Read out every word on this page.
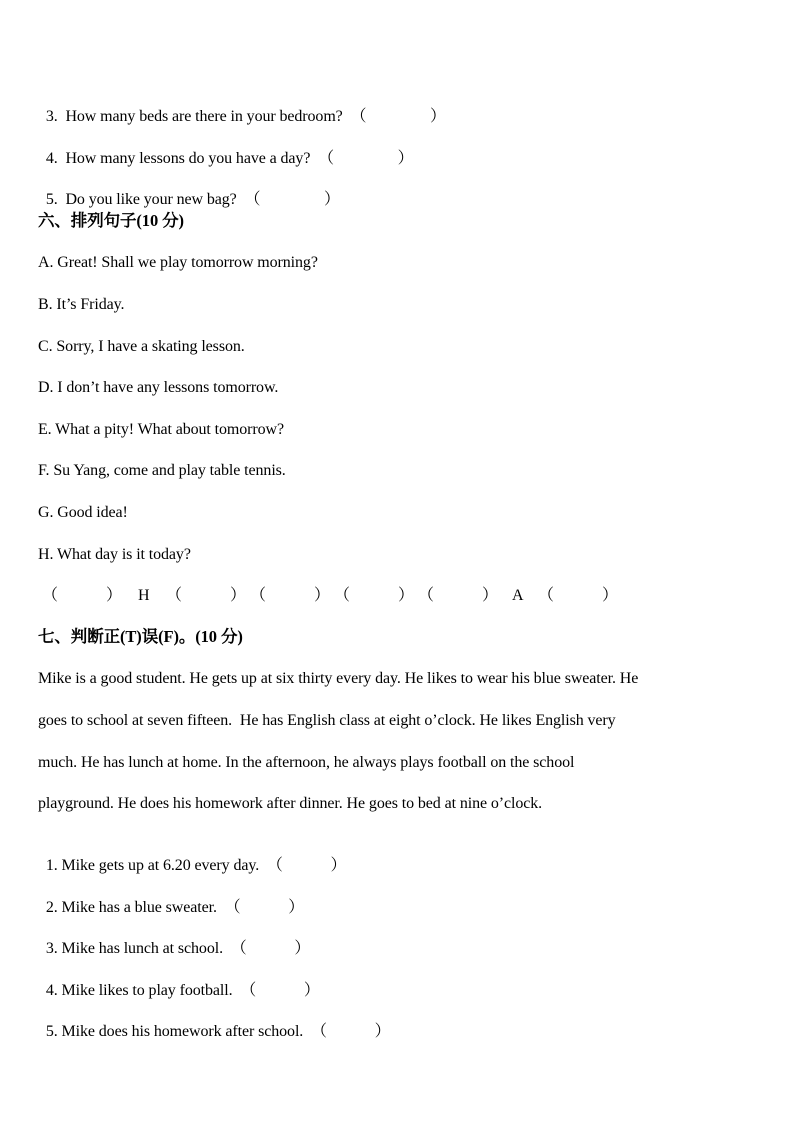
3. How many beds are there in your bedroom? （　　　　）

4. How many lessons do you have a day? （　　　　）

5. Do you like your new bag? （　　　　）

六、排列句子(10 分)
A. Great! Shall we play tomorrow morning?
B. It’s Friday.
C. Sorry, I have a skating lesson.
D. I don’t have any lessons tomorrow.
E. What a pity! What about tomorrow?
F. Su Yang, come and play table tennis.
G. Good idea!
H. What day is it today?
（　　　） H （　　　） （　　　） （　　　） （　　　） A （　　　）
七、判断正(T)误(F)。(10 分)
Mike is a good student. He gets up at six thirty every day. He likes to wear his blue sweater. He
goes to school at seven fifteen.  He has English class at eight o’clock. He likes English very
much. He has lunch at home. In the afternoon, he always plays football on the school
playground. He does his homework after dinner. He goes to bed at nine o’clock.

1. Mike gets up at 6.20 every day. （　　　）

2. Mike has a blue sweater. （　　　）

3. Mike has lunch at school. （　　　）

4. Mike likes to play football. （　　　）

5. Mike does his homework after school. （　　　）
